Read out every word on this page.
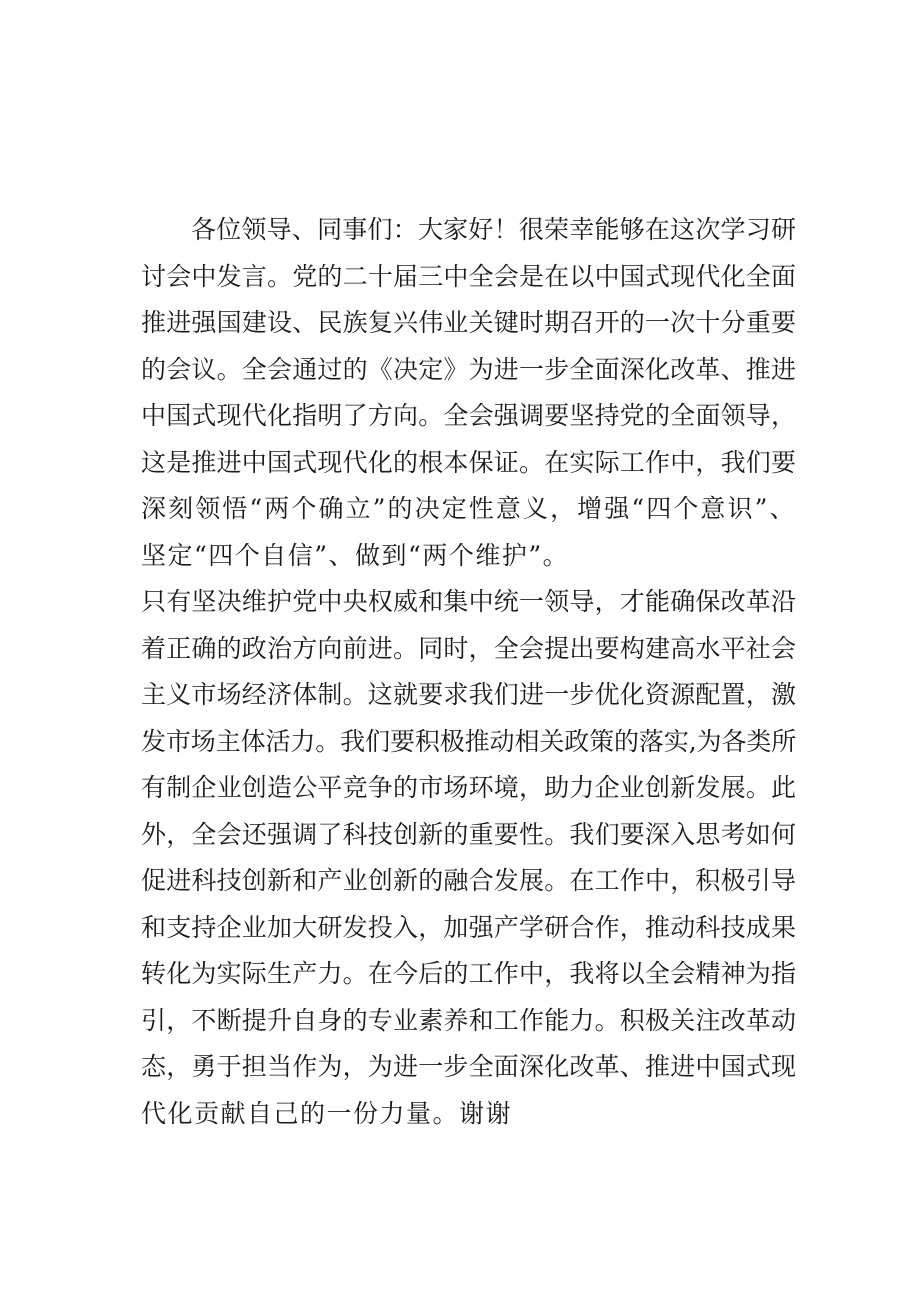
各位领导、同事们：大家好！很荣幸能够在这次学习研
讨会中发言。党的二十届三中全会是在以中国式现代化全面
推进强国建设、民族复兴伟业关键时期召开的一次十分重要
的会议。全会通过的《决定》为进一步全面深化改革、推进
中国式现代化指明了方向。全会强调要坚持党的全面领导，
这是推进中国式现代化的根本保证。在实际工作中，我们要
深刻领悟“两个确立”的决定性意义，增强“四个意识”、
坚定“四个自信”、做到“两个维护”。
只有坚决维护党中央权威和集中统一领导，才能确保改革沿
着正确的政治方向前进。同时，全会提出要构建高水平社会
主义市场经济体制。这就要求我们进一步优化资源配置，激
发市场主体活力。我们要积极推动相关政策的落实,为各类所
有制企业创造公平竞争的市场环境，助力企业创新发展。此
外，全会还强调了科技创新的重要性。我们要深入思考如何
促进科技创新和产业创新的融合发展。在工作中，积极引导
和支持企业加大研发投入，加强产学研合作，推动科技成果
转化为实际生产力。在今后的工作中，我将以全会精神为指
引，不断提升自身的专业素养和工作能力。积极关注改革动
态，勇于担当作为，为进一步全面深化改革、推进中国式现
代化贡献自己的一份力量。谢谢
